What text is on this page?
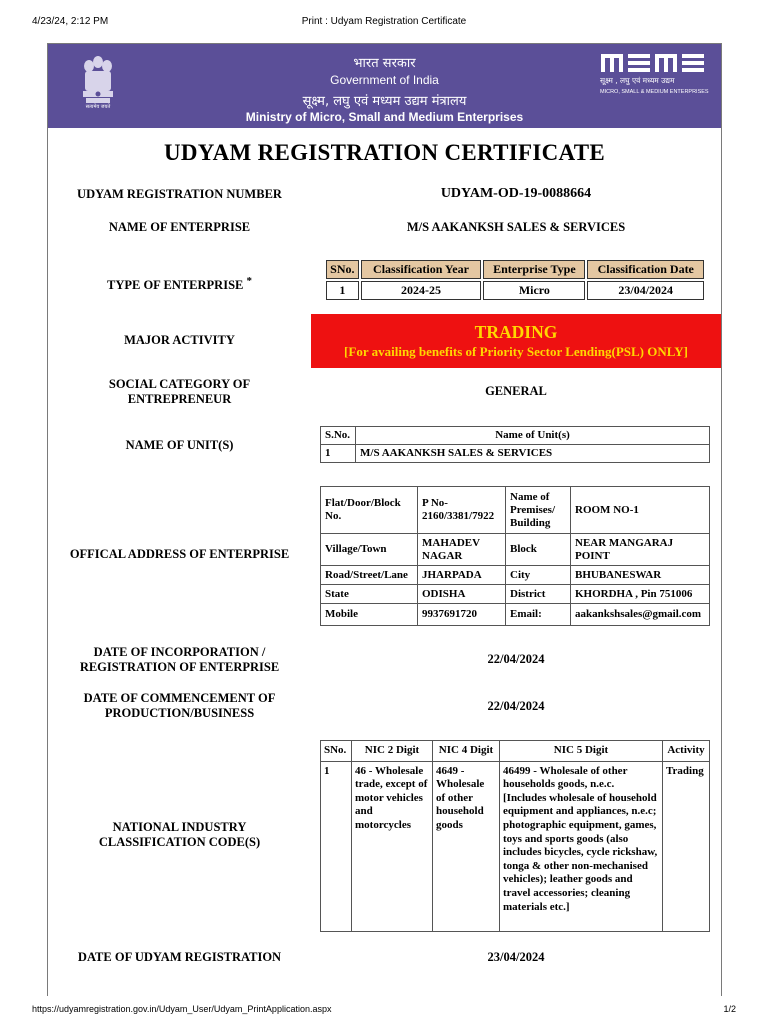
4/23/24, 2:12 PM	Print : Udyam Registration Certificate
सत्यमेव जयते
भारत सरकार
Government of India
सूक्ष्म, लघु एवं मध्यम उद्यम मंत्रालय
Ministry of Micro, Small and Medium Enterprises
सूक्ष्म , लघु एवं मध्यम उद्यम
MICRO, SMALL & MEDIUM ENTERPRISES
UDYAM REGISTRATION CERTIFICATE
UDYAM REGISTRATION NUMBER	UDYAM-OD-19-0088664
NAME OF ENTERPRISE	M/S AAKANKSH SALES & SERVICES
TYPE OF ENTERPRISE *
SNo.	Classification Year	Enterprise Type	Classification Date
1	2024-25	Micro	23/04/2024
MAJOR ACTIVITY	TRADING
[For availing benefits of Priority Sector Lending(PSL) ONLY]
SOCIAL CATEGORY OF
ENTREPRENEUR
GENERAL
NAME OF UNIT(S)
S.No.	Name of Unit(s)
1	M/S AAKANKSH SALES & SERVICES
OFFICAL ADDRESS OF ENTERPRISE
Flat/Door/Block No.	P No-2160/3381/7922	Name of Premises/ Building	ROOM NO-1
Village/Town	MAHADEV NAGAR	Block	NEAR MANGARAJ POINT
Road/Street/Lane	JHARPADA	City	BHUBANESWAR
State	ODISHA	District	KHORDHA , Pin 751006
Mobile	9937691720	Email:	aakankshsales@gmail.com
DATE OF INCORPORATION /
REGISTRATION OF ENTERPRISE
22/04/2024
DATE OF COMMENCEMENT OF
PRODUCTION/BUSINESS	22/04/2024
NATIONAL INDUSTRY
CLASSIFICATION CODE(S)
SNo.	NIC 2 Digit	NIC 4 Digit	NIC 5 Digit	Activity
1	46 - Wholesale trade, except of motor vehicles and motorcycles	4649 - Wholesale of other household goods	46499 - Wholesale of other households goods, n.e.c. [Includes wholesale of household equipment and appliances, n.e.c; photographic equipment, games, toys and sports goods (also includes bicycles, cycle rickshaw, tonga & other non-mechanised vehicles); leather goods and travel accessories; cleaning materials etc.]	Trading
DATE OF UDYAM REGISTRATION	23/04/2024
https://udyamregistration.gov.in/Udyam_User/Udyam_PrintApplication.aspx	1/2
